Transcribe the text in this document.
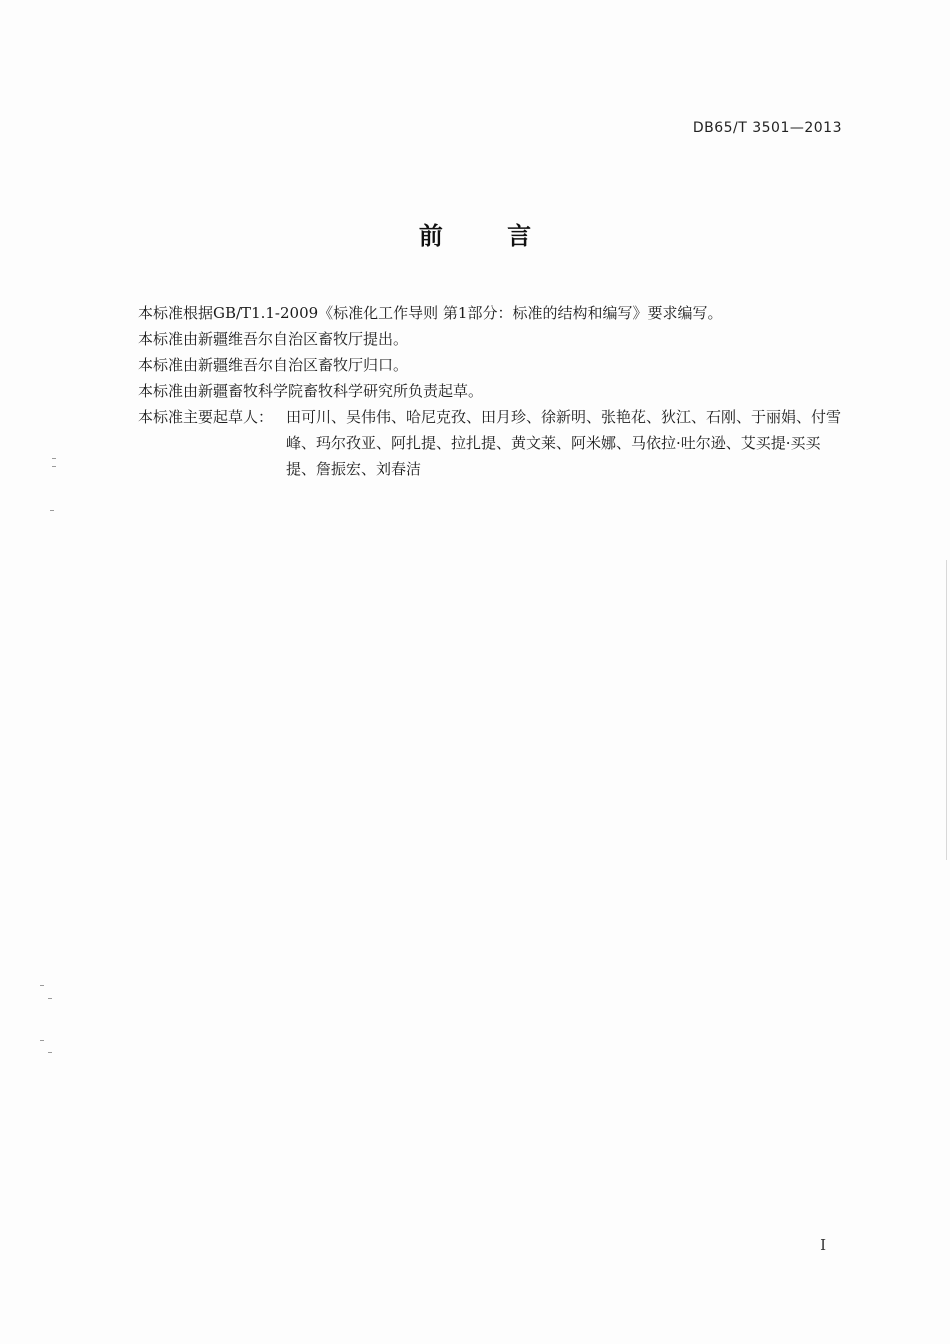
DB65/T 3501—2013
前 言

本标准根据GB/T1.1-2009《标准化工作导则 第1部分：标准的结构和编写》要求编写。

本标准由新疆维吾尔自治区畜牧厅提出。

本标准由新疆维吾尔自治区畜牧厅归口。

本标准由新疆畜牧科学院畜牧科学研究所负责起草。

本标准主要起草人： 田可川、吴伟伟、哈尼克孜、田月珍、徐新明、张艳花、狄江、石刚、于丽娟、付雪峰、玛尔孜亚、阿扎提、拉扎提、黄文莱、阿米娜、马依拉·吐尔逊、艾买提·买买提、詹振宏、刘春洁
I
